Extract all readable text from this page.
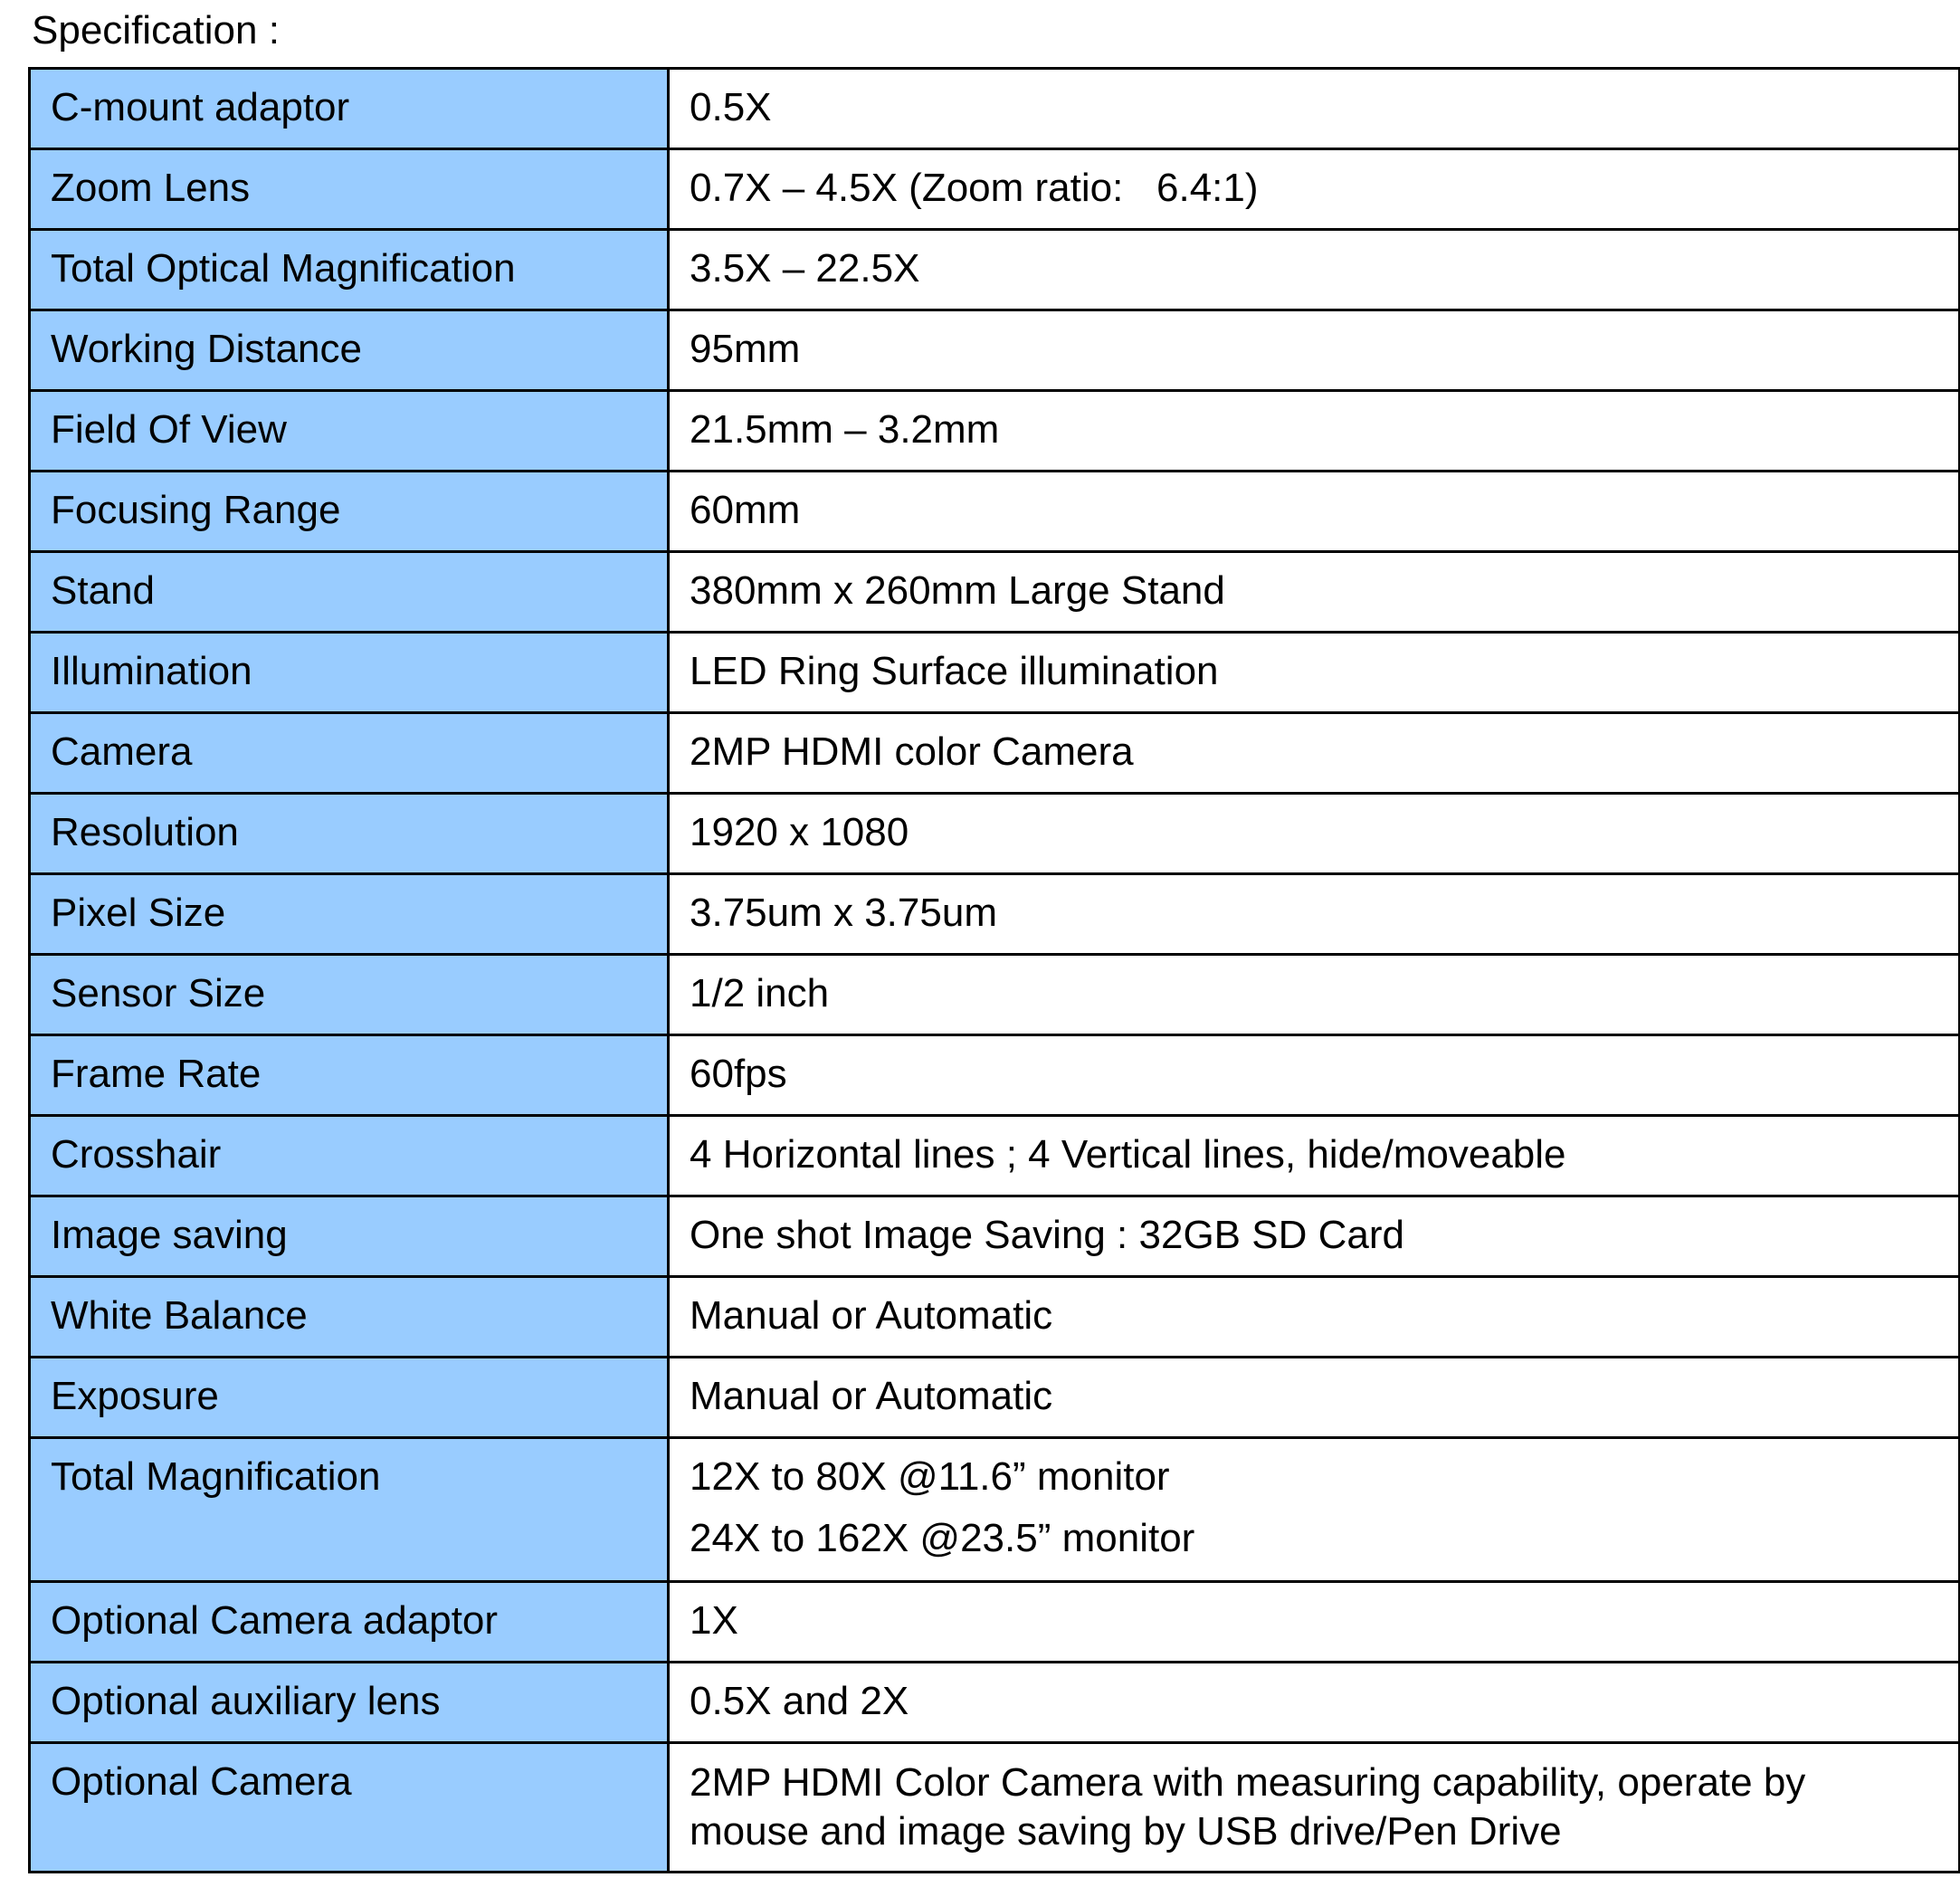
Specification :
C-mount adaptor	0.5X

Zoom Lens	0.7X – 4.5X (Zoom ratio:   6.4:1)

Total Optical Magnification	3.5X – 22.5X

Working Distance	95mm

Field Of View	21.5mm – 3.2mm

Focusing Range	60mm

Stand	380mm x 260mm Large Stand

Illumination	LED Ring Surface illumination

Camera	2MP HDMI color Camera

Resolution	1920 x 1080

Pixel Size	3.75um x 3.75um

Sensor Size	1/2 inch

Frame Rate	60fps

Crosshair	4 Horizontal lines ; 4 Vertical lines, hide/moveable

Image saving	One shot Image Saving : 32GB SD Card

White Balance	Manual or Automatic

Exposure	Manual or Automatic

Total Magnification	12X to 80X @11.6” monitor
24X to 162X @23.5” monitor

Optional Camera adaptor	1X

Optional auxiliary lens	0.5X and 2X

Optional Camera	2MP HDMI Color Camera with measuring capability, operate by
mouse and image saving by USB drive/Pen Drive
